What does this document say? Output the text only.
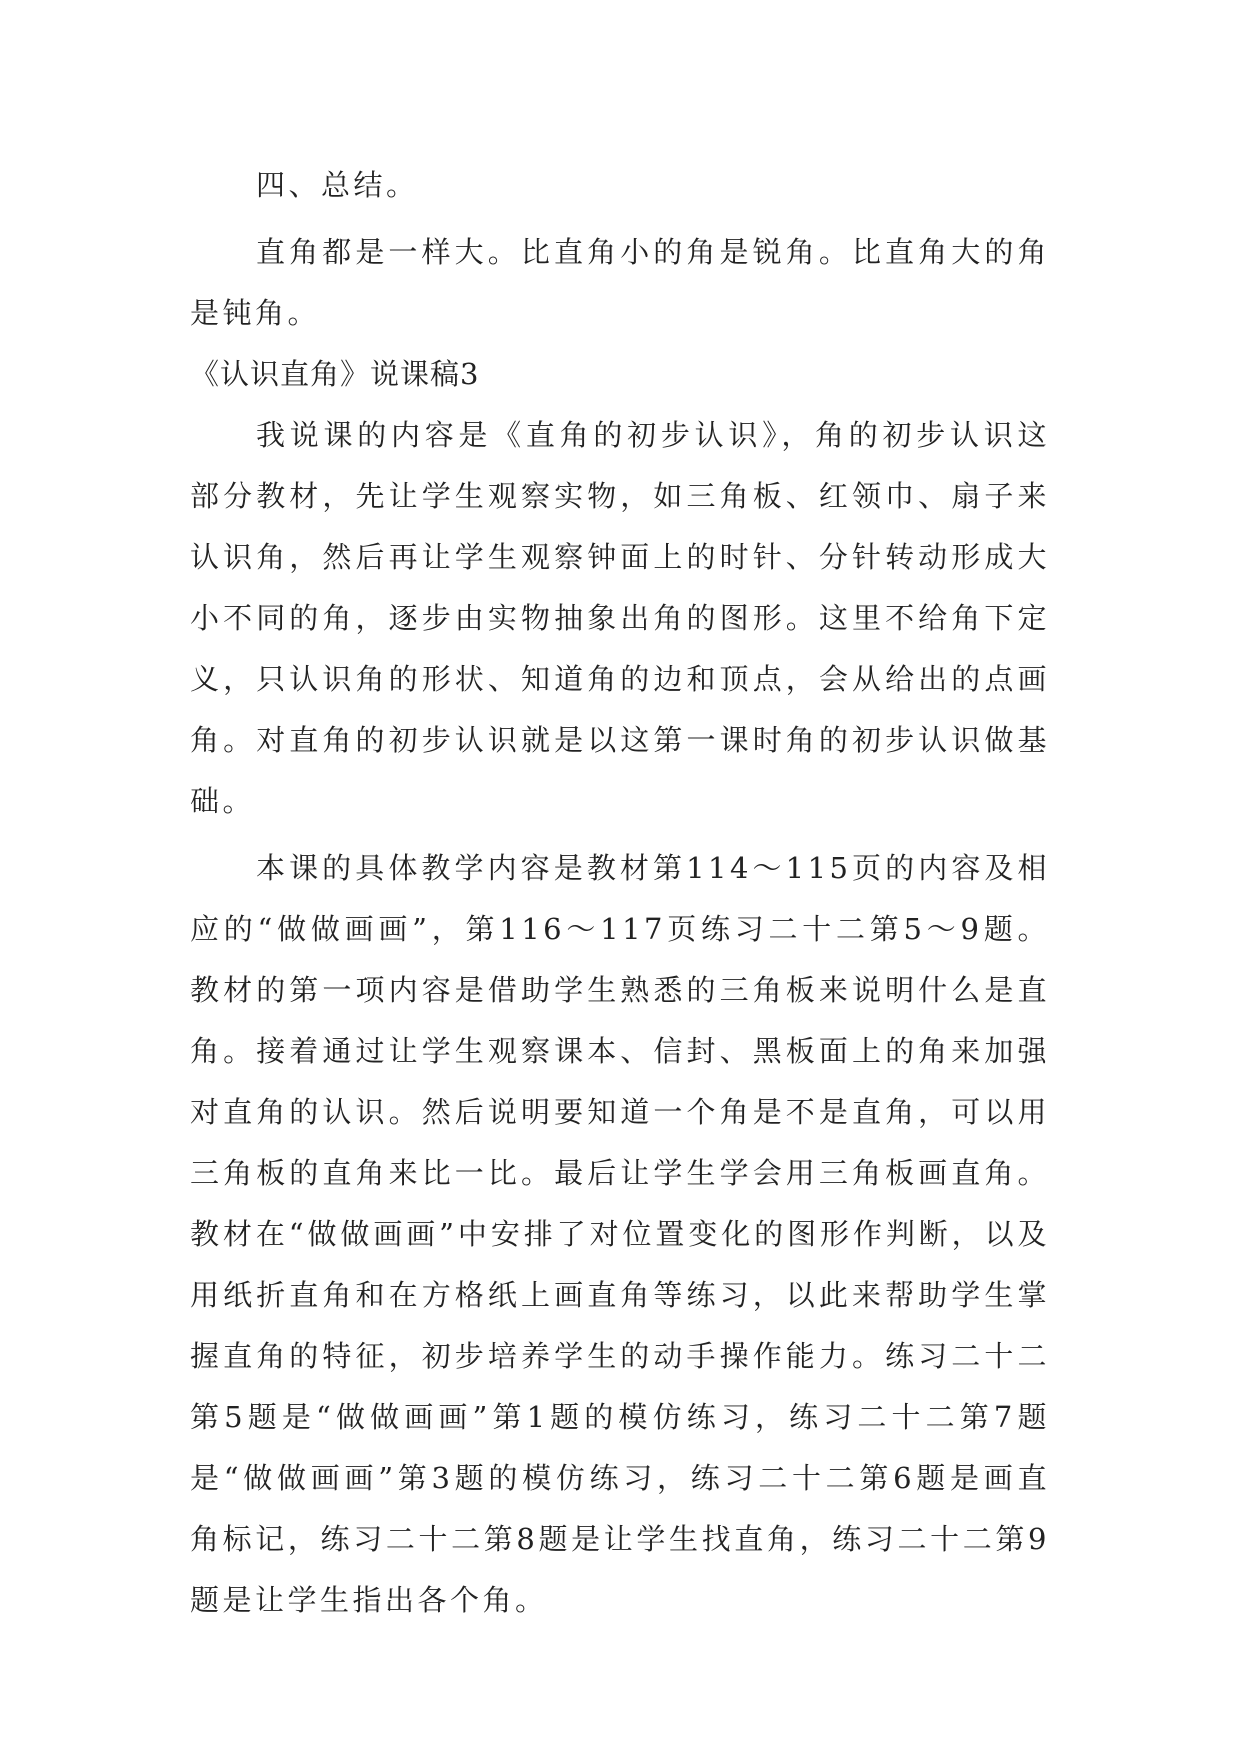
四、总结。

直角都是一样大。比直角小的角是锐角。比直角大的角是钝角。

《认识直角》说课稿3

我说课的内容是《直角的初步认识》，角的初步认识这部分教材，先让学生观察实物，如三角板、红领巾、扇子来认识角，然后再让学生观察钟面上的时针、分针转动形成大小不同的角，逐步由实物抽象出角的图形。这里不给角下定义，只认识角的形状、知道角的边和顶点，会从给出的点画角。对直角的初步认识就是以这第一课时角的初步认识做基础。

本课的具体教学内容是教材第114～115页的内容及相应的“做做画画”，第116～117页练习二十二第5～9题。教材的第一项内容是借助学生熟悉的三角板来说明什么是直角。接着通过让学生观察课本、信封、黑板面上的角来加强对直角的认识。然后说明要知道一个角是不是直角，可以用三角板的直角来比一比。最后让学生学会用三角板画直角。教材在“做做画画”中安排了对位置变化的图形作判断，以及用纸折直角和在方格纸上画直角等练习，以此来帮助学生掌握直角的特征，初步培养学生的动手操作能力。练习二十二第5题是“做做画画”第1题的模仿练习，练习二十二第7题是“做做画画”第3题的模仿练习，练习二十二第6题是画直角标记，练习二十二第8题是让学生找直角，练习二十二第9题是让学生指出各个角。
